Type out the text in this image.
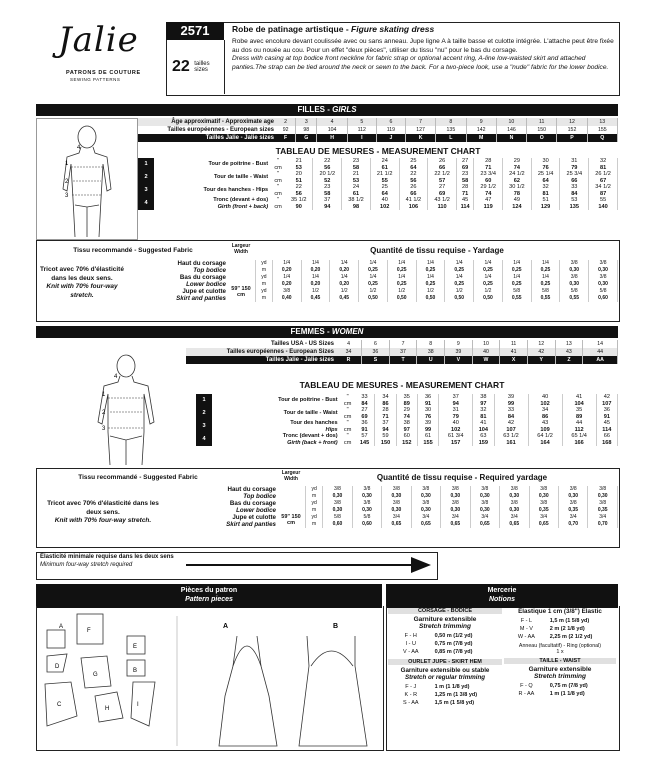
Jalie
PATRONS DE COUTURE
SEWING PATTERNS
2571
22 tailles
sizes
Robe de patinage artistique - Figure skating dress
Robe avec encolure devant coulissée avec ou sans anneau. Jupe ligne A à taille basse et culotte intégrée. L'attache peut être fixée au dos ou nouée au cou. Pour un effet "deux pièces", utiliser du tissu "nu" pour le bas du corsage.
Dress with casing at top bodice front neckline for fabric strap or optional accent ring, A-line low-waisted skirt and attached panties.The strap can be tied around the neck or sewn to the back. For a two-piece look, use a "nude" fabric for the lower bodice.
FILLES - GIRLS
1
2
3
4
Âge approximatif - Approximate age	2	3	4	5	6	7	8	9	10	11	12	13
Tailles européennes - European sizes	92	98	104	112	119	127	135	142	146	150	152	155
Tailles Jalie - Jalie sizes	F	G	H	I	J	K	L	M	N	O	P	Q
TABLEAU DE MESURES - MEASUREMENT CHART
1	Tour de poitrine - Bust	"	21	22	23	24	25	26	27	28	29	30	31	32
		cm	53	56	58	61	64	66	69	71	74	76	79	81
2	Tour de taille - Waist	"	20	20 1/2	21	21 1/2	22	22 1/2	23	23 3/4	24 1/2	25 1/4	25 3/4	26 1/2
		cm	51	52	53	55	56	57	58	60	62	64	66	67
3	Tour des hanches - Hips	"	22	23	24	25	26	27	28	29 1/2	30 1/2	32	33	34 1/2
		cm	56	58	61	64	66	69	71	74	78	81	84	87
4	Tronc (devant + dos)
Girth (front + back)	"	35 1/2	37	38 1/2	40	41 1/2	43 1/2	45	47	49	51	53	55
		cm	90	94	98	102	106	110	114	119	124	129	135	140
Tissu recommandé - Suggested Fabric
Largeur Width	Quantité de tissu requise - Yardage
Tricot avec 70% d'élasticité dans les deux sens.
Knit with 70% four-way stretch.
59" 150 cm
Haut du corsage		yd	1/4	1/4	1/4	1/4	1/4	1/4	1/4	1/4	1/4	1/4	3/8	3/8
Top bodice		m	0,20	0,20	0,20	0,25	0,25	0,25	0,25	0,25	0,25	0,25	0,30	0,30
Bas du corsage		yd	1/4	1/4	1/4	1/4	1/4	1/4	1/4	1/4	1/4	1/4	3/8	3/8
Lower bodice		m	0,20	0,20	0,20	0,25	0,25	0,25	0,25	0,25	0,25	0,25	0,30	0,30
Jupe et culotte		yd	3/8	1/2	1/2	1/2	1/2	1/2	1/2	1/2	5/8	5/8	5/8	5/8
Skirt and panties		m	0,40	0,45	0,45	0,50	0,50	0,50	0,50	0,50	0,55	0,55	0,55	0,60
FEMMES - WOMEN
1
2
3
4
Tailles USA - US Sizes	4	6	7	8	9	10	11	12	13	14
Tailles européennes - European Sizes	34	36	37	38	39	40	41	42	43	44
Tailles Jalie - Jalie sizes	R	S	T	U	V	W	X	Y	Z	AA
TABLEAU DE MESURES - MEASUREMENT CHART
1	Tour de poitrine - Bust	"	33	34	35	36	37	38	39	40	41	42
		cm	84	86	89	91	94	97	99	102	104	107
2	Tour de taille - Waist	"	27	28	29	30	31	32	33	34	35	36
		cm	69	71	74	76	79	81	84	86	89	91
3	Tour des hanches
Hips	"	36	37	38	39	40	41	42	43	44	45
		cm	91	94	97	99	102	104	107	109	112	114
4	Tronc (devant + dos)
Girth (back + front)	"	57	59	60	61	61 3/4	63	63 1/2	64 1/2	65 1/4	66
		cm	145	150	152	155	157	159	161	164	166	168
Tissu recommandé - Suggested Fabric
Largeur Width	Quantité de tissu requise - Required yardage
Tricot avec 70% d'élasticité dans les deux sens.
Knit with 70% four-way stretch.	59" 150 cm
Haut du corsage		yd	3/8	3/8	3/8	3/8	3/8	3/8	3/8	3/8	3/8	3/8
Top bodice		m	0,30	0,30	0,30	0,30	0,30	0,30	0,30	0,30	0,30	0,30
Bas du corsage		yd	3/8	3/8	3/8	3/8	3/8	3/8	3/8	3/8	3/8	3/8
Lower bodice		m	0,30	0,30	0,30	0,30	0,30	0,30	0,30	0,35	0,35	0,35
Jupe et culotte		yd	5/8	5/8	3/4	3/4	3/4	3/4	3/4	3/4	3/4	3/4
Skirt and panties		m	0,60	0,60	0,65	0,65	0,65	0,65	0,65	0,65	0,70	0,70
Élasticité minimale requise dans les deux sens
Minimum four-way stretch required
Pièces du patron
Pattern pieces
A
D
C
F
G
H
E
B
I
A	B
Mercerie
Notions
CORSAGE - BODICE
Garniture extensible
Stretch trimming
F - H	0,50 m (1/2 yd)
I - U	0,75 m (7/8 yd)
V - AA	0,85 m (7/8 yd)
OURLET JUPE - SKIRT HEM
Garniture extensible ou stable
Stretch or regular trimming
F - J	1 m (1 1/8 yd)
K - R	1,25 m (1 3/8 yd)
S - AA	1,5 m (1 5/8 yd)
Élastique 1 cm (3/8") Elastic
F - L	1,5 m (1 5/8 yd)
M - V	2 m (2 1/8 yd)
W - AA	2,25 m (2 1/2 yd)
Anneau (facultatif) - Ring (optional)
1 x
TAILLE - WAIST
Garniture extensible
Stretch trimming
F - Q	0,75 m (7/8 yd)
R - AA	1 m (1 1/8 yd)
